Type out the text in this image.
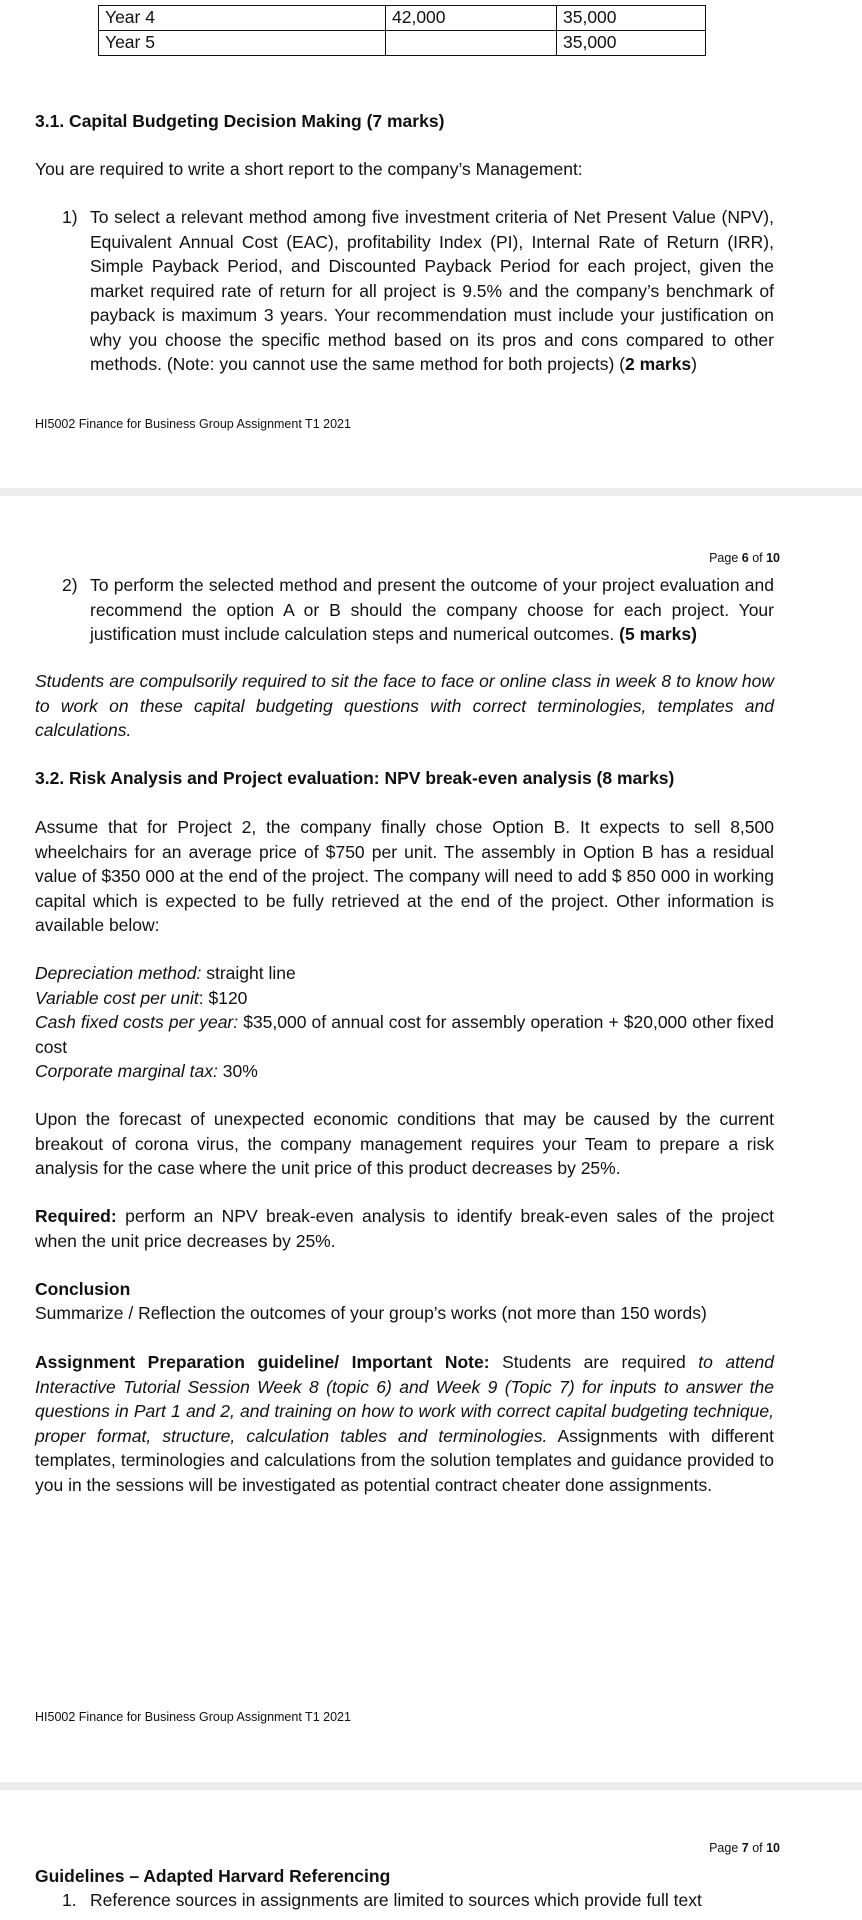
Year 4	42,000	35,000
Year 5		35,000
3.1. Capital Budgeting Decision Making (7 marks)
You are required to write a short report to the company’s Management:
1) To select a relevant method among five investment criteria of Net Present Value (NPV), Equivalent Annual Cost (EAC), profitability Index (PI), Internal Rate of Return (IRR), Simple Payback Period, and Discounted Payback Period for each project, given the market required rate of return for all project is 9.5% and the company’s benchmark of payback is maximum 3 years. Your recommendation must include your justification on why you choose the specific method based on its pros and cons compared to other methods. (Note: you cannot use the same method for both projects) (2 marks)
HI5002 Finance for Business Group Assignment T1 2021
Page 6 of 10
2) To perform the selected method and present the outcome of your project evaluation and recommend the option A or B should the company choose for each project. Your justification must include calculation steps and numerical outcomes. (5 marks)
Students are compulsorily required to sit the face to face or online class in week 8 to know how to work on these capital budgeting questions with correct terminologies, templates and calculations.
3.2. Risk Analysis and Project evaluation: NPV break-even analysis (8 marks)
Assume that for Project 2, the company finally chose Option B. It expects to sell 8,500 wheelchairs for an average price of $750 per unit. The assembly in Option B has a residual value of $350 000 at the end of the project. The company will need to add $ 850 000 in working capital which is expected to be fully retrieved at the end of the project. Other information is available below:
Depreciation method: straight line
Variable cost per unit: $120
Cash fixed costs per year: $35,000 of annual cost for assembly operation + $20,000 other fixed cost
Corporate marginal tax: 30%
Upon the forecast of unexpected economic conditions that may be caused by the current breakout of corona virus, the company management requires your Team to prepare a risk analysis for the case where the unit price of this product decreases by 25%.
Required: perform an NPV break-even analysis to identify break-even sales of the project when the unit price decreases by 25%.
Conclusion
Summarize / Reflection the outcomes of your group’s works (not more than 150 words)
Assignment Preparation guideline/ Important Note: Students are required to attend Interactive Tutorial Session Week 8 (topic 6) and Week 9 (Topic 7) for inputs to answer the questions in Part 1 and 2, and training on how to work with correct capital budgeting technique, proper format, structure, calculation tables and terminologies. Assignments with different templates, terminologies and calculations from the solution templates and guidance provided to you in the sessions will be investigated as potential contract cheater done assignments.
HI5002 Finance for Business Group Assignment T1 2021
Page 7 of 10
Guidelines – Adapted Harvard Referencing
1. Reference sources in assignments are limited to sources which provide full text
